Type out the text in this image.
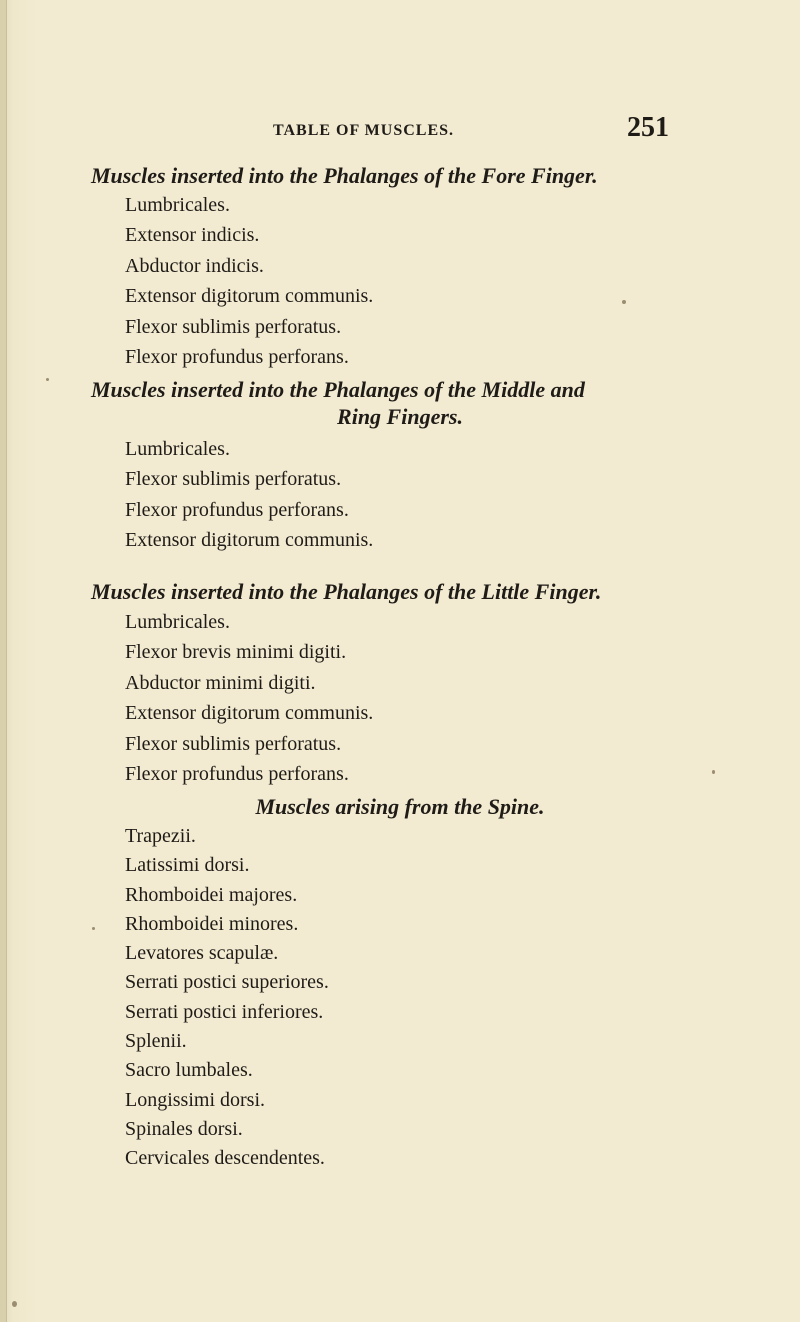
TABLE OF MUSCLES.	251
Muscles inserted into the Phalanges of the Fore Finger.
Lumbricales.
Extensor indicis.
Abductor indicis.
Extensor digitorum communis.
Flexor sublimis perforatus.
Flexor profundus perforans.
Muscles inserted into the Phalanges of the Middle and
Ring Fingers.
Lumbricales.
Flexor sublimis perforatus.
Flexor profundus perforans.
Extensor digitorum communis.
Muscles inserted into the Phalanges of the Little Finger.
Lumbricales.
Flexor brevis minimi digiti.
Abductor minimi digiti.
Extensor digitorum communis.
Flexor sublimis perforatus.
Flexor profundus perforans.
Muscles arising from the Spine.
Trapezii.
Latissimi dorsi.
Rhomboidei majores.
Rhomboidei minores.
Levatores scapulæ.
Serrati postici superiores.
Serrati postici inferiores.
Splenii.
Sacro lumbales.
Longissimi dorsi.
Spinales dorsi.
Cervicales descendentes.
